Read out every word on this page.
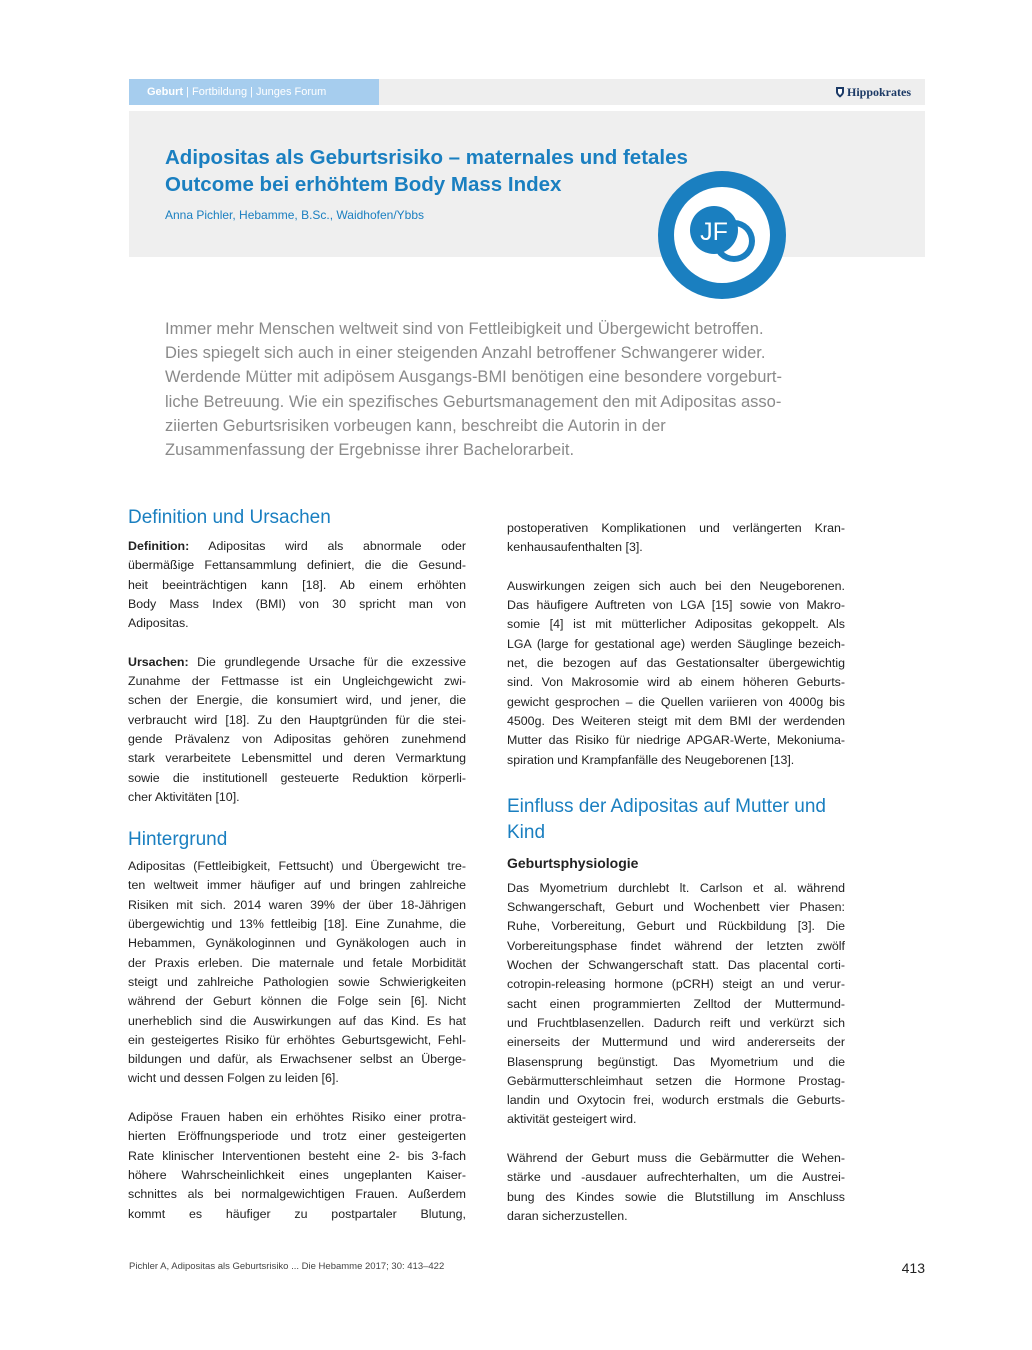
Geburt | Fortbildung | Junges Forum	Hippokrates
Adipositas als Geburtsrisiko – maternales und fetales
Outcome bei erhöhtem Body Mass Index
Anna Pichler, Hebamme, B.Sc., Waidhofen/Ybbs
JF
Immer mehr Menschen weltweit sind von Fettleibigkeit und Übergewicht betroffen.
Dies spiegelt sich auch in einer steigenden Anzahl betroffener Schwangerer wider.
Werdende Mütter mit adipösem Ausgangs-BMI benötigen eine besondere vorgeburt-
liche Betreuung. Wie ein spezifisches Geburtsmanagement den mit Adipositas asso-
ziierten Geburtsrisiken vorbeugen kann, beschreibt die Autorin in der
Zusammenfassung der Ergebnisse ihrer Bachelorarbeit.
Definition und Ursachen
Definition: Adipositas wird als abnormale oder
übermäßige Fettansammlung definiert, die die Gesund-
heit beeinträchtigen kann [18]. Ab einem erhöhten
Body Mass Index (BMI) von 30 spricht man von
Adipositas.
Ursachen: Die grundlegende Ursache für die exzessive
Zunahme der Fettmasse ist ein Ungleichgewicht zwi-
schen der Energie, die konsumiert wird, und jener, die
verbraucht wird [18]. Zu den Hauptgründen für die stei-
gende Prävalenz von Adipositas gehören zunehmend
stark verarbeitete Lebensmittel und deren Vermarktung
sowie die institutionell gesteuerte Reduktion körperli-
cher Aktivitäten [10].
Hintergrund
Adipositas (Fettleibigkeit, Fettsucht) und Übergewicht tre-
ten weltweit immer häufiger auf und bringen zahlreiche
Risiken mit sich. 2014 waren 39% der über 18-Jährigen
übergewichtig und 13% fettleibig [18]. Eine Zunahme, die
Hebammen, Gynäkologinnen und Gynäkologen auch in
der Praxis erleben. Die maternale und fetale Morbidität
steigt und zahlreiche Pathologien sowie Schwierigkeiten
während der Geburt können die Folge sein [6]. Nicht
unerheblich sind die Auswirkungen auf das Kind. Es hat
ein gesteigertes Risiko für erhöhtes Geburtsgewicht, Fehl-
bildungen und dafür, als Erwachsener selbst an Überge-
wicht und dessen Folgen zu leiden [6].
Adipöse Frauen haben ein erhöhtes Risiko einer protra-
hierten Eröffnungsperiode und trotz einer gesteigerten
Rate klinischer Interventionen besteht eine 2- bis 3-fach
höhere Wahrscheinlichkeit eines ungeplanten Kaiser-
schnittes als bei normalgewichtigen Frauen. Außerdem
kommt es häufiger zu postpartaler Blutung,
postoperativen Komplikationen und verlängerten Kran-
kenhausaufenthalten [3].
Auswirkungen zeigen sich auch bei den Neugeborenen.
Das häufigere Auftreten von LGA [15] sowie von Makro-
somie [4] ist mit mütterlicher Adipositas gekoppelt. Als
LGA (large for gestational age) werden Säuglinge bezeich-
net, die bezogen auf das Gestationsalter übergewichtig
sind. Von Makrosomie wird ab einem höheren Geburts-
gewicht gesprochen – die Quellen variieren von 4000g bis
4500g. Des Weiteren steigt mit dem BMI der werdenden
Mutter das Risiko für niedrige APGAR-Werte, Mekoniuma-
spiration und Krampfanfälle des Neugeborenen [13].
Einfluss der Adipositas auf Mutter und
Kind
Geburtsphysiologie
Das Myometrium durchlebt lt. Carlson et al. während
Schwangerschaft, Geburt und Wochenbett vier Phasen:
Ruhe, Vorbereitung, Geburt und Rückbildung [3]. Die
Vorbereitungsphase findet während der letzten zwölf
Wochen der Schwangerschaft statt. Das placental corti-
cotropin-releasing hormone (pCRH) steigt an und verur-
sacht einen programmierten Zelltod der Muttermund-
und Fruchtblasenzellen. Dadurch reift und verkürzt sich
einerseits der Muttermund und wird andererseits der
Blasensprung begünstigt. Das Myometrium und die
Gebärmutterschleimhaut setzen die Hormone Prostag-
landin und Oxytocin frei, wodurch erstmals die Geburts-
aktivität gesteigert wird.
Während der Geburt muss die Gebärmutter die Wehen-
stärke und -ausdauer aufrechterhalten, um die Austrei-
bung des Kindes sowie die Blutstillung im Anschluss
daran sicherzustellen.
Pichler A, Adipositas als Geburtsrisiko ... Die Hebamme 2017; 30: 413–422	413
